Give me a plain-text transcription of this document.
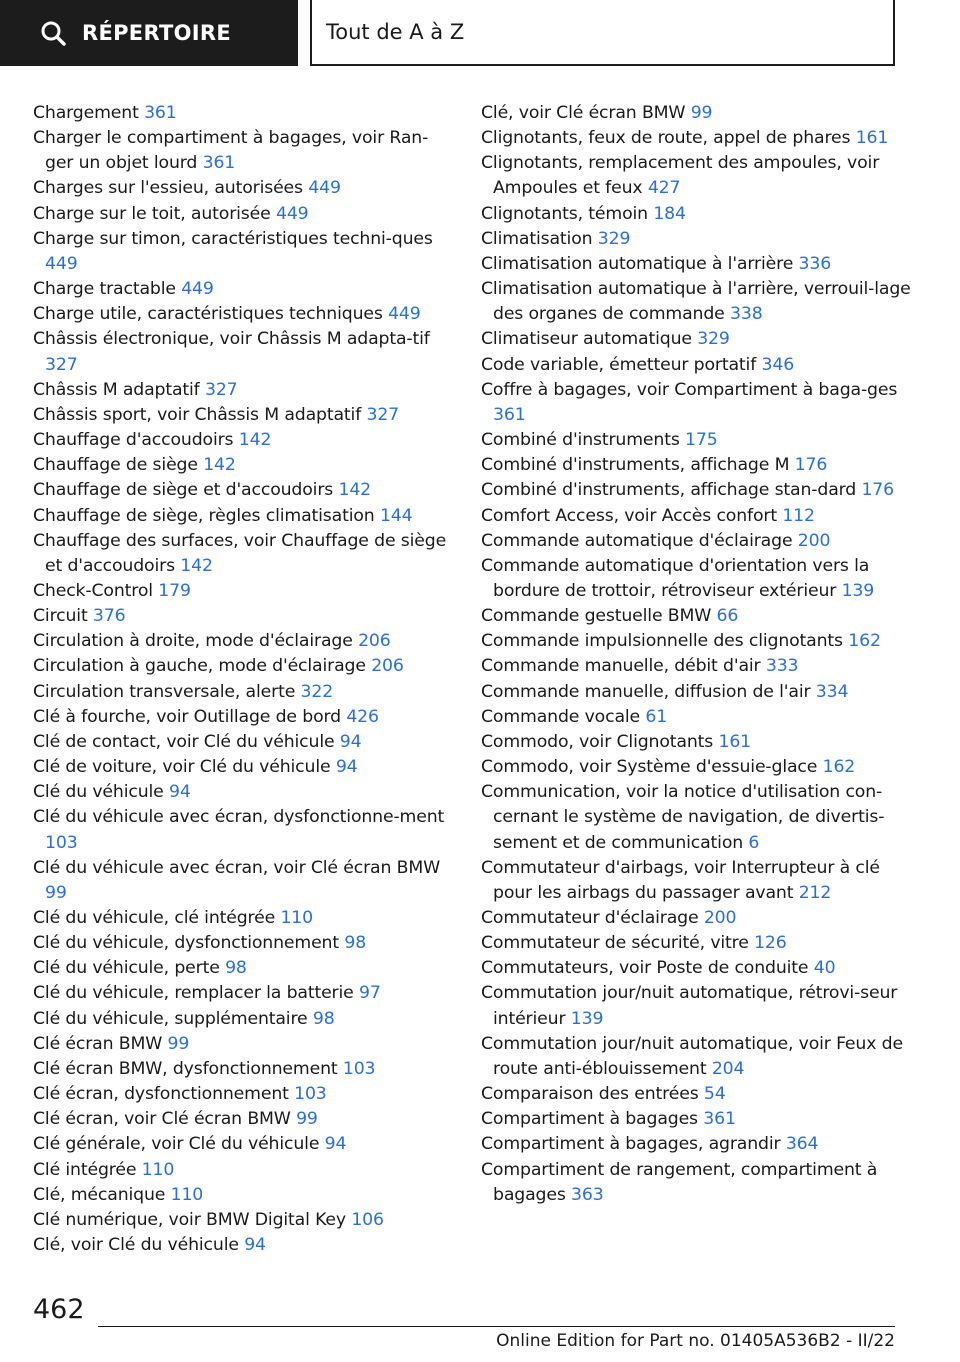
RÉPERTOIRE	Tout de A à Z

Chargement 361

Charger le compartiment à bagages, voir Ran-ger un objet lourd 361

Charges sur l'essieu, autorisées 449

Charge sur le toit, autorisée 449

Charge sur timon, caractéristiques techni-ques 449

Charge tractable 449

Charge utile, caractéristiques techniques 449

Châssis électronique, voir Châssis M adapta-tif 327

Châssis M adaptatif 327

Châssis sport, voir Châssis M adaptatif 327

Chauffage d'accoudoirs 142

Chauffage de siège 142

Chauffage de siège et d'accoudoirs 142

Chauffage de siège, règles climatisation 144

Chauffage des surfaces, voir Chauffage de siège et d'accoudoirs 142

Check-Control 179

Circuit 376

Circulation à droite, mode d'éclairage 206

Circulation à gauche, mode d'éclairage 206

Circulation transversale, alerte 322

Clé à fourche, voir Outillage de bord 426

Clé de contact, voir Clé du véhicule 94

Clé de voiture, voir Clé du véhicule 94

Clé du véhicule 94

Clé du véhicule avec écran, dysfonctionne-ment 103

Clé du véhicule avec écran, voir Clé écran BMW 99

Clé du véhicule, clé intégrée 110

Clé du véhicule, dysfonctionnement 98

Clé du véhicule, perte 98

Clé du véhicule, remplacer la batterie 97

Clé du véhicule, supplémentaire 98

Clé écran BMW 99

Clé écran BMW, dysfonctionnement 103

Clé écran, dysfonctionnement 103

Clé écran, voir Clé écran BMW 99

Clé générale, voir Clé du véhicule 94

Clé intégrée 110

Clé, mécanique 110

Clé numérique, voir BMW Digital Key 106

Clé, voir Clé du véhicule 94

Clé, voir Clé écran BMW 99

Clignotants, feux de route, appel de phares 161

Clignotants, remplacement des ampoules, voir Ampoules et feux 427

Clignotants, témoin 184

Climatisation 329

Climatisation automatique à l'arrière 336

Climatisation automatique à l'arrière, verrouil-lage des organes de commande 338

Climatiseur automatique 329

Code variable, émetteur portatif 346

Coffre à bagages, voir Compartiment à baga-ges 361

Combiné d'instruments 175

Combiné d'instruments, affichage M 176

Combiné d'instruments, affichage stan-dard 176

Comfort Access, voir Accès confort 112

Commande automatique d'éclairage 200

Commande automatique d'orientation vers la bordure de trottoir, rétroviseur extérieur 139

Commande gestuelle BMW 66

Commande impulsionnelle des clignotants 162

Commande manuelle, débit d'air 333

Commande manuelle, diffusion de l'air 334

Commande vocale 61

Commodo, voir Clignotants 161

Commodo, voir Système d'essuie-glace 162

Communication, voir la notice d'utilisation con-cernant le système de navigation, de divertis-sement et de communication 6

Commutateur d'airbags, voir Interrupteur à clé pour les airbags du passager avant 212

Commutateur d'éclairage 200

Commutateur de sécurité, vitre 126

Commutateurs, voir Poste de conduite 40

Commutation jour/nuit automatique, rétrovi-seur intérieur 139

Commutation jour/nuit automatique, voir Feux de route anti-éblouissement 204

Comparaison des entrées 54

Compartiment à bagages 361

Compartiment à bagages, agrandir 364

Compartiment de rangement, compartiment à bagages 363

462
Online Edition for Part no. 01405A536B2 - II/22
